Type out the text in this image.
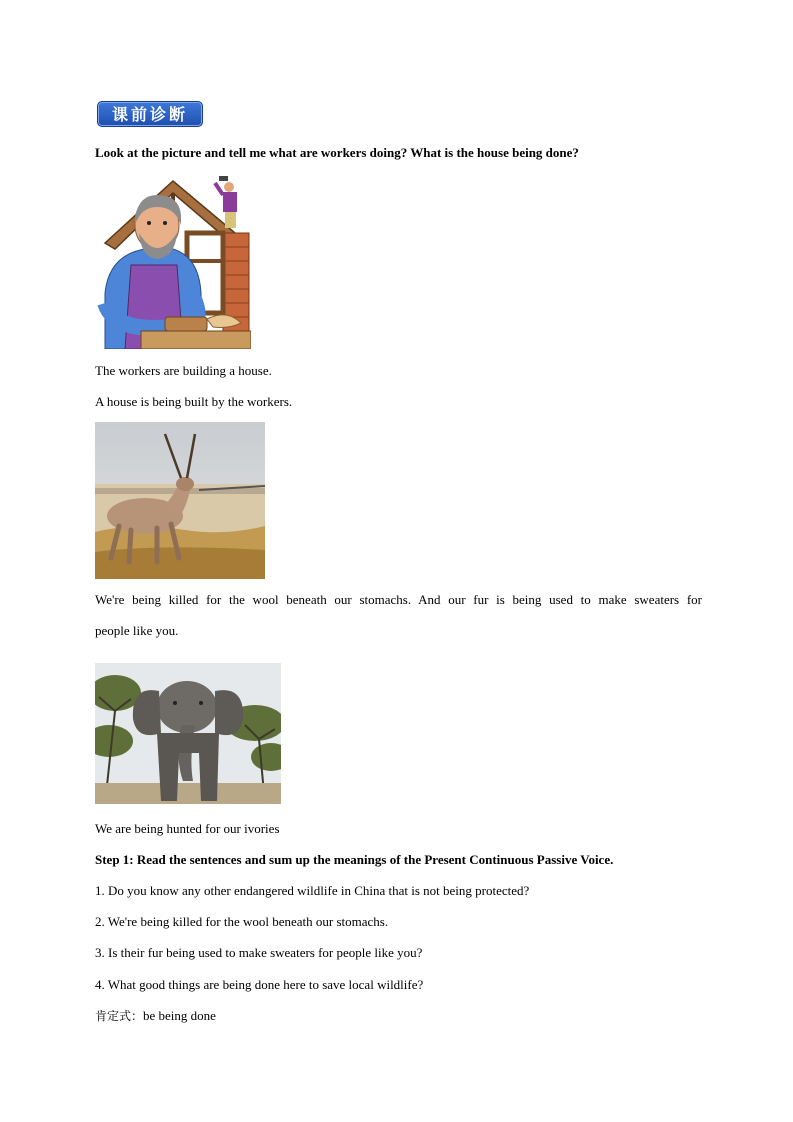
课前诊断
Look at the picture and tell me what are workers doing? What is the house being done?
The workers are building a house.
A house is being built by the workers.
We're being killed for the wool beneath our stomachs. And our fur is being used to make sweaters for
people like you.
We are being hunted for our ivories
Step 1: Read the sentences and sum up the meanings of the Present Continuous Passive Voice.
1. Do you know any other endangered wildlife in China that is not being protected?
2. We're being killed for the wool beneath our stomachs.
3. Is their fur being used to make sweaters for people like you?
4. What good things are being done here to save local wildlife?
肯定式：be being done
